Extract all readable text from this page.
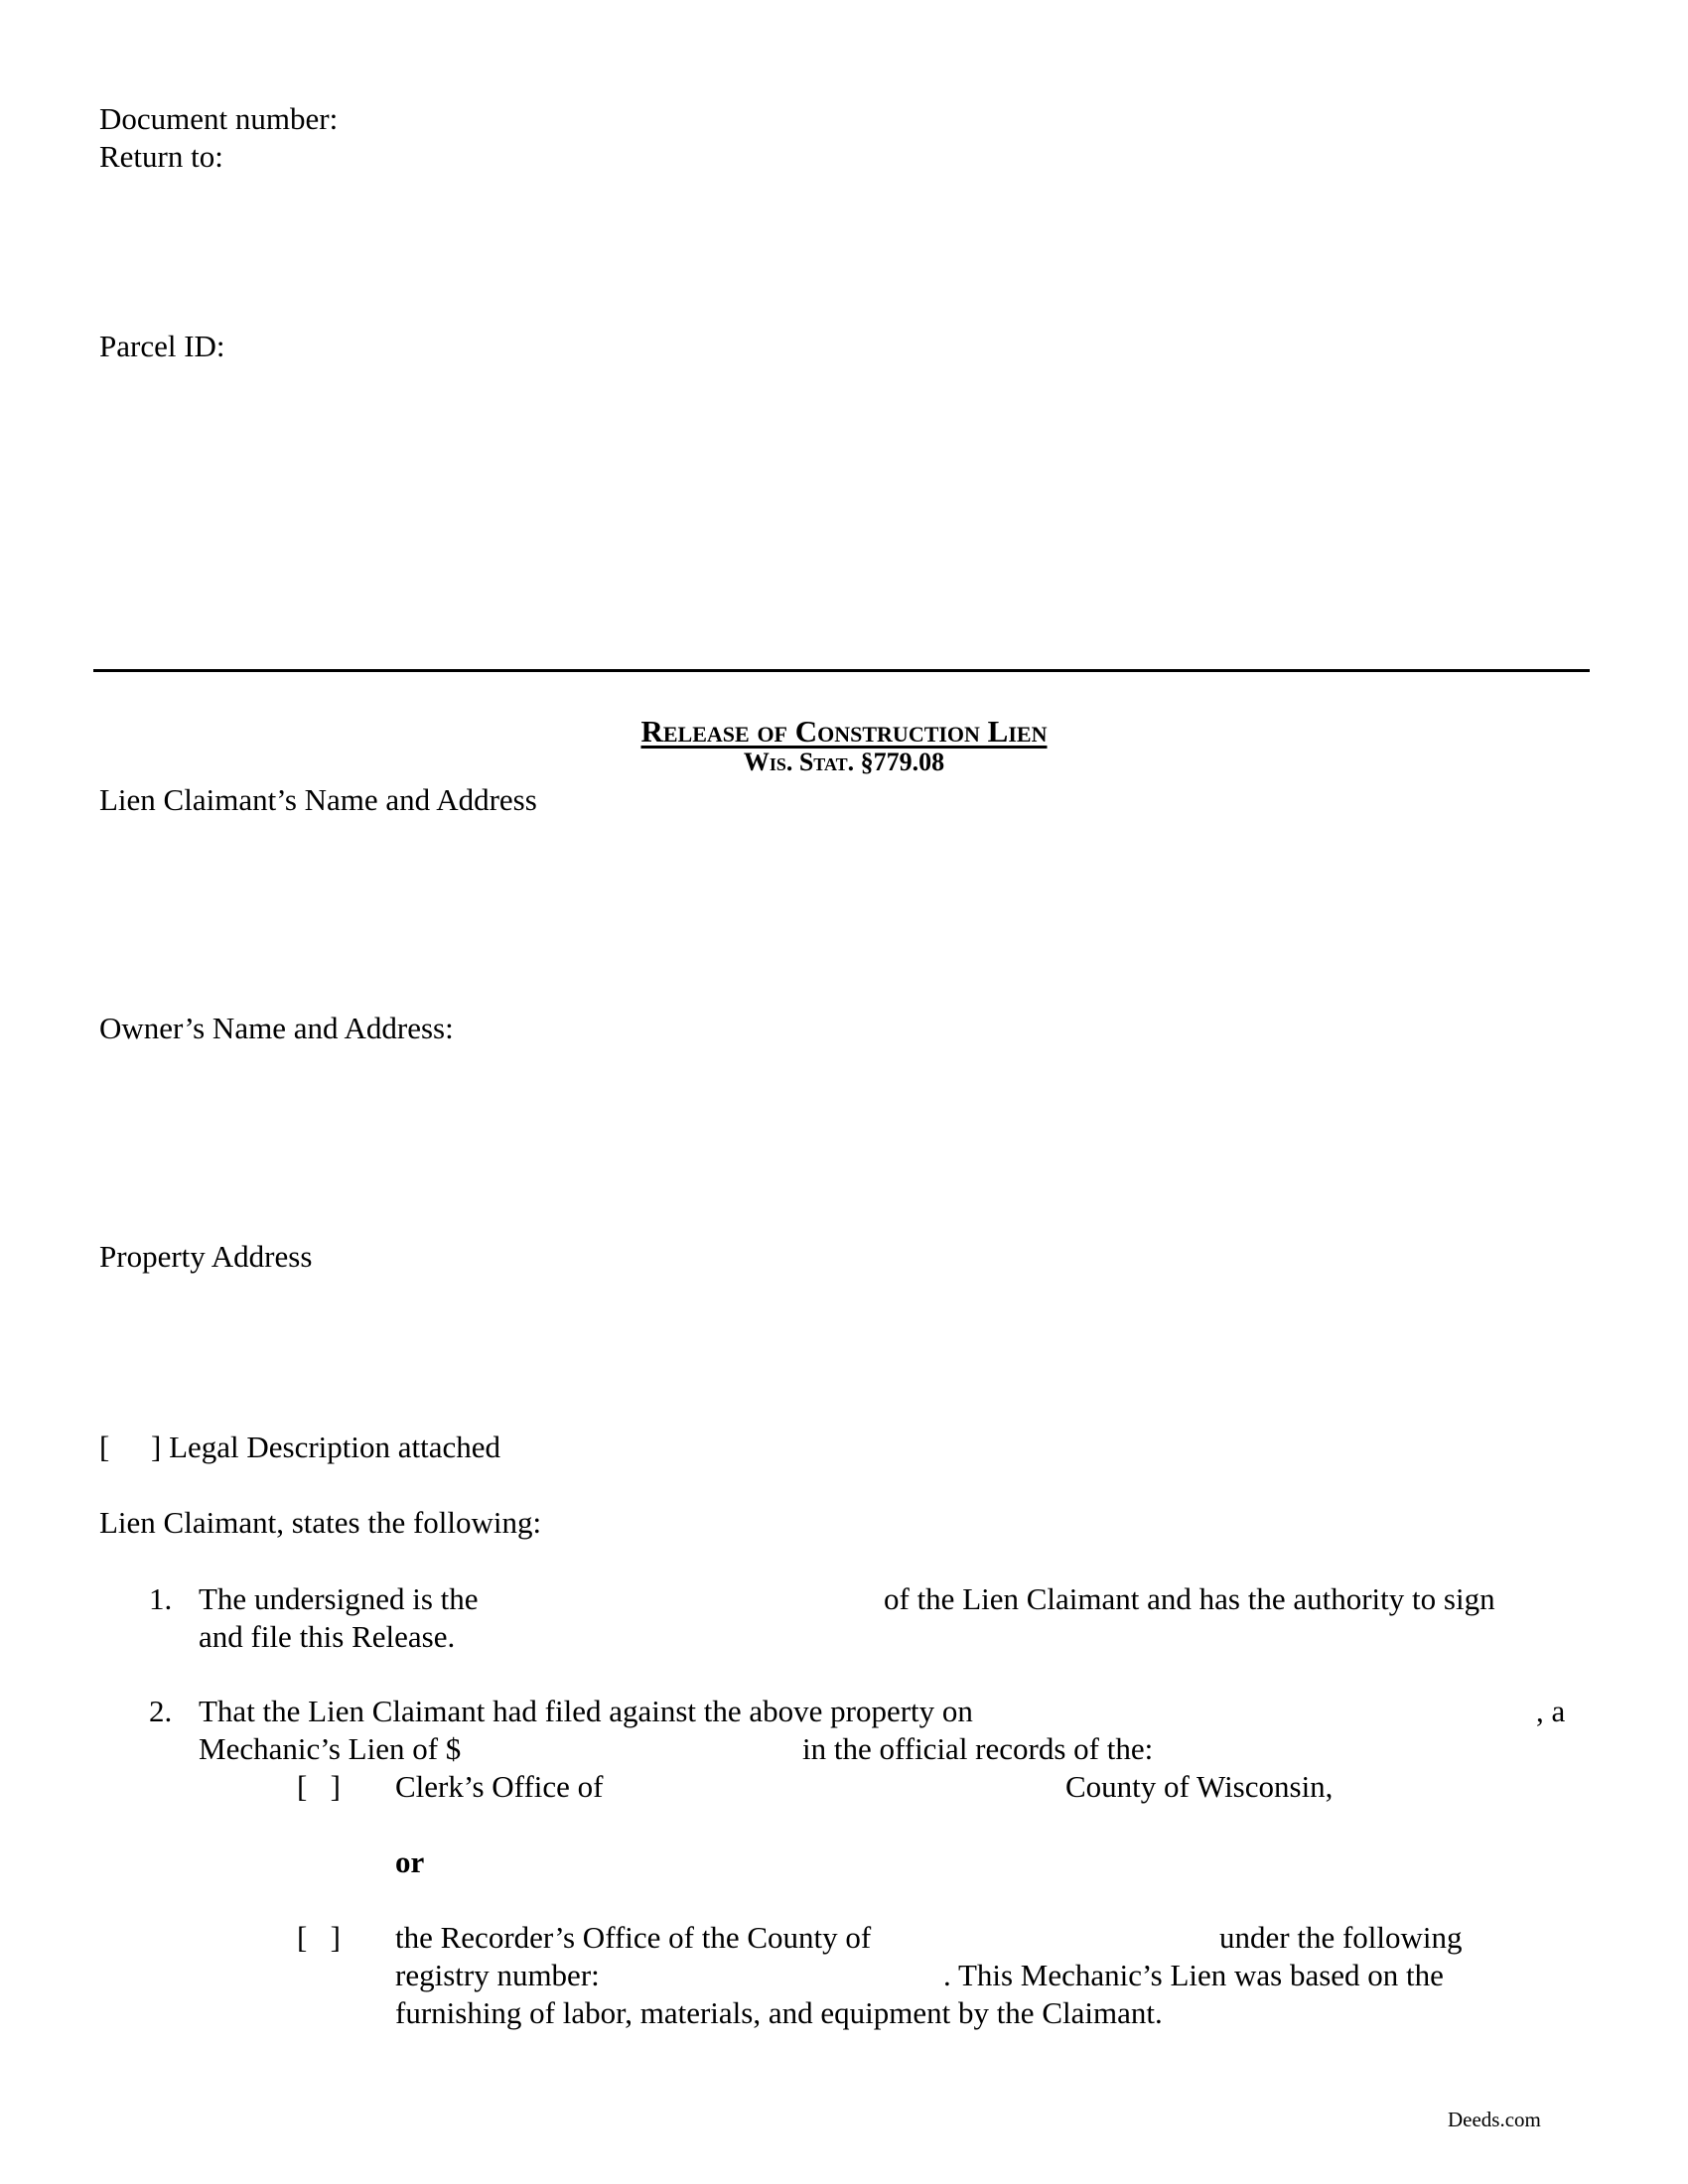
Document number:

Return to:

Parcel ID:

Release of Construction Lien
Wis. Stat. §779.08

Lien Claimant’s Name and Address

Owner’s Name and Address:

Property Address

[ ] Legal Description attached

Lien Claimant, states the following:

1. The undersigned is the	of the Lien Claimant and has the authority to sign

and file this Release.

2. That the Lien Claimant had filed against the above property on	, a

Mechanic’s Lien of $	in the official records of the:

[   ] Clerk’s Office of	County of Wisconsin,

or

[   ] the Recorder’s Office of the County of	under the following

registry number:	. This Mechanic’s Lien was based on the

furnishing of labor, materials, and equipment by the Claimant.

Deeds.com
